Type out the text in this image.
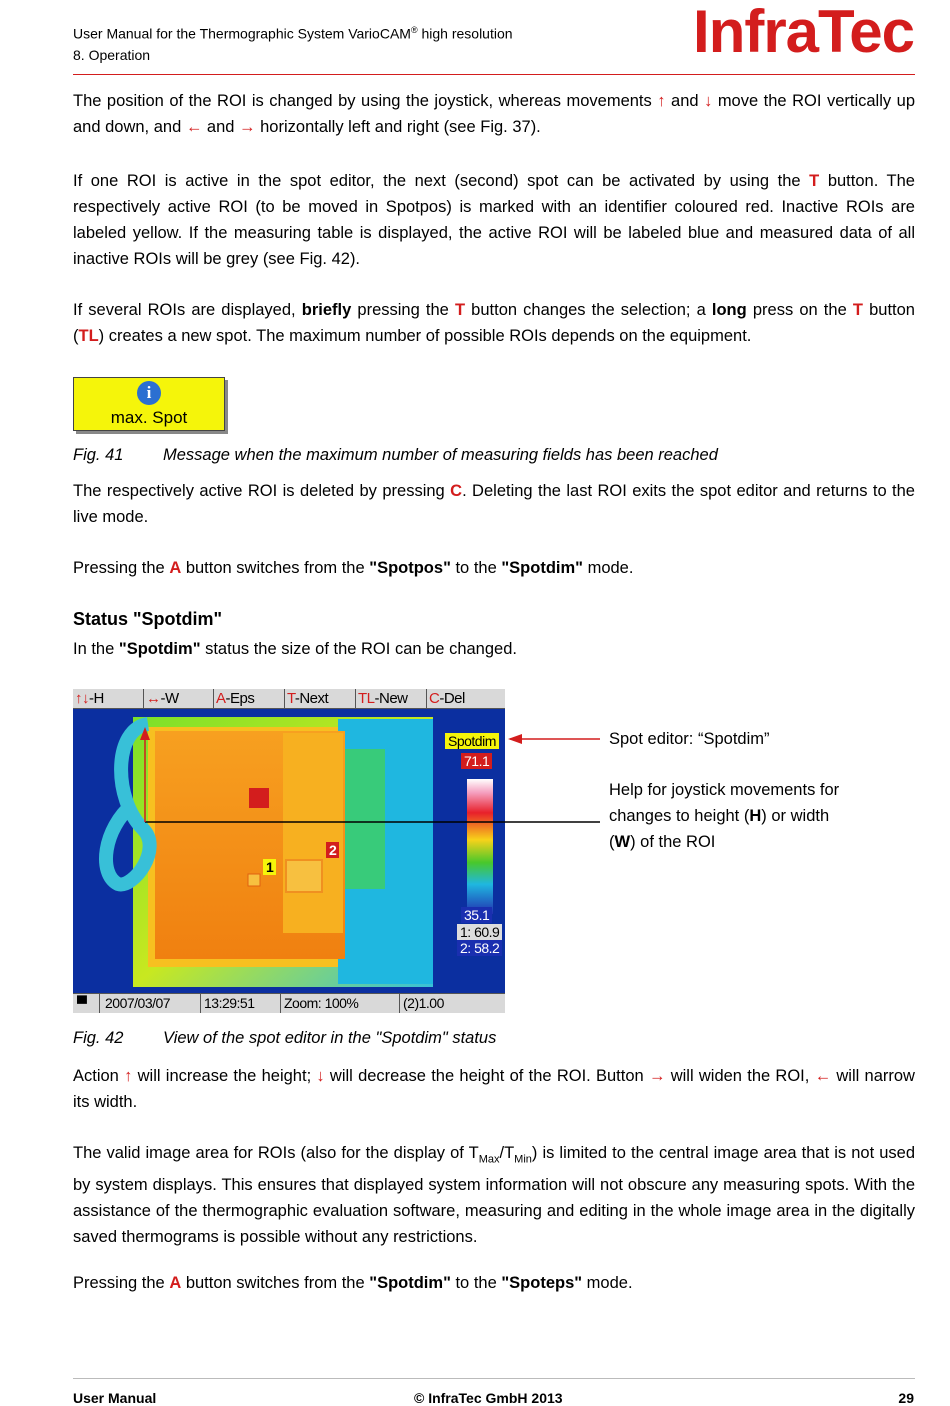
User Manual for the Thermographic System VarioCAM® high resolution
8. Operation	InfraTec

The position of the ROI is changed by using the joystick, whereas movements ↑ and ↓ move the ROI vertically up and down, and ← and → horizontally left and right (see Fig. 37).

If one ROI is active in the spot editor, the next (second) spot can be activated by using the T button. The respectively active ROI (to be moved in Spotpos) is marked with an identifier coloured red. Inactive ROIs are labeled yellow. If the measuring table is displayed, the active ROI will be labeled blue and measured data of all inactive ROIs will be grey (see Fig. 42).

If several ROIs are displayed, briefly pressing the T button changes the selection; a long press on the T button (TL) creates a new spot. The maximum number of possible ROIs depends on the equipment.

i
max. Spot
Fig. 41 Message when the maximum number of measuring fields has been reached

The respectively active ROI is deleted by pressing C. Deleting the last ROI exits the spot editor and returns to the live mode.

Pressing the A button switches from the "Spotpos" to the "Spotdim" mode.

Status "Spotdim"

In the "Spotdim" status the size of the ROI can be changed.

↑↓-H	↔-W	A-Eps	T-Next	TL-New	C-Del
Spotdim
71.1
35.1
1: 60.9
2: 58.2
1
2
▀	2007/03/07	13:29:51	Zoom: 100%	(2)1.00
Spot editor: “Spotdim”
Help for joystick movements for
changes to height (H) or width
(W) of the ROI
Fig. 42 View of the spot editor in the "Spotdim" status

Action ↑ will increase the height; ↓ will decrease the height of the ROI. Button → will widen the ROI, ← will narrow its width.

The valid image area for ROIs (also for the display of $T_{Max}/T_{Min}$) is limited to the central image area that is not used by system displays. This ensures that displayed system information will not obscure any measuring spots. With the assistance of the thermographic evaluation software, measuring and editing in the whole image area in the digitally saved thermograms is possible without any restrictions.

Pressing the A button switches from the "Spotdim" to the "Spoteps" mode.

User Manual	© InfraTec GmbH 2013	29
